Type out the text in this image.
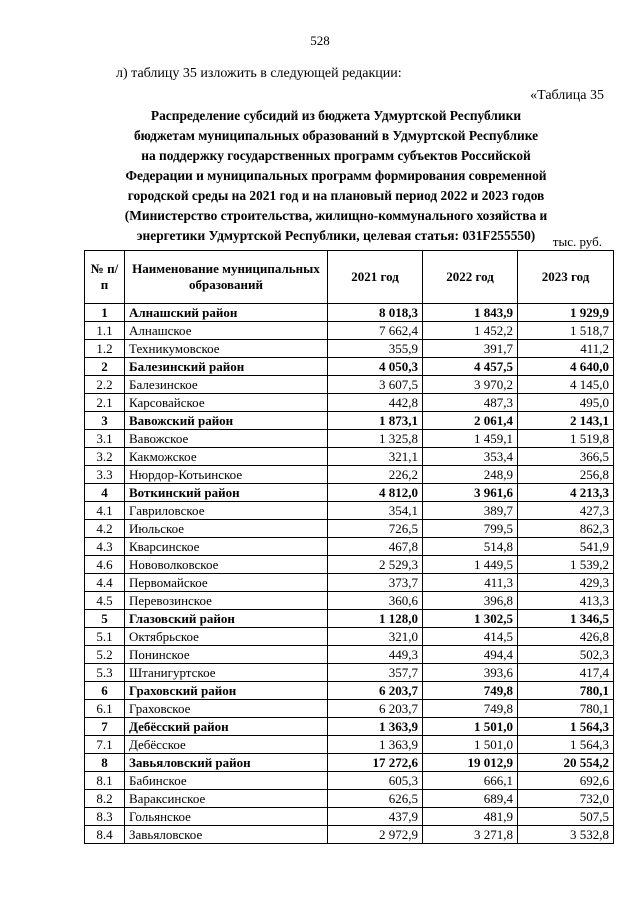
528
л) таблицу 35 изложить в следующей редакции:
«Таблица 35
Распределение субсидий из бюджета Удмуртской Республики
бюджетам муниципальных образований в Удмуртской Республике
на поддержку государственных программ субъектов Российской
Федерации и муниципальных программ формирования современной
городской среды на 2021 год и на плановый период 2022 и 2023 годов
(Министерство строительства, жилищно-коммунального хозяйства и
энергетики Удмуртской Республики, целевая статья: 031F255550)	тыс. руб.
№ п/п	Наименование муниципальных образований	2021 год	2022 год	2023 год
1	Алнашский район	8 018,3	1 843,9	1 929,9
1.1	Алнашское	7 662,4	1 452,2	1 518,7
1.2	Техникумовское	355,9	391,7	411,2
2	Балезинский район	4 050,3	4 457,5	4 640,0
2.2	Балезинское	3 607,5	3 970,2	4 145,0
2.1	Карсовайское	442,8	487,3	495,0
3	Вавожский район	1 873,1	2 061,4	2 143,1
3.1	Вавожское	1 325,8	1 459,1	1 519,8
3.2	Какможское	321,1	353,4	366,5
3.3	Нюрдор-Котьинское	226,2	248,9	256,8
4	Воткинский район	4 812,0	3 961,6	4 213,3
4.1	Гавриловское	354,1	389,7	427,3
4.2	Июльское	726,5	799,5	862,3
4.3	Кварсинское	467,8	514,8	541,9
4.6	Нововолковское	2 529,3	1 449,5	1 539,2
4.4	Первомайское	373,7	411,3	429,3
4.5	Перевозинское	360,6	396,8	413,3
5	Глазовский район	1 128,0	1 302,5	1 346,5
5.1	Октябрьское	321,0	414,5	426,8
5.2	Понинское	449,3	494,4	502,3
5.3	Штанигуртское	357,7	393,6	417,4
6	Граховский район	6 203,7	749,8	780,1
6.1	Граховское	6 203,7	749,8	780,1
7	Дебёсский район	1 363,9	1 501,0	1 564,3
7.1	Дебёсское	1 363,9	1 501,0	1 564,3
8	Завьяловский район	17 272,6	19 012,9	20 554,2
8.1	Бабинское	605,3	666,1	692,6
8.2	Вараксинское	626,5	689,4	732,0
8.3	Гольянское	437,9	481,9	507,5
8.4	Завьяловское	2 972,9	3 271,8	3 532,8
